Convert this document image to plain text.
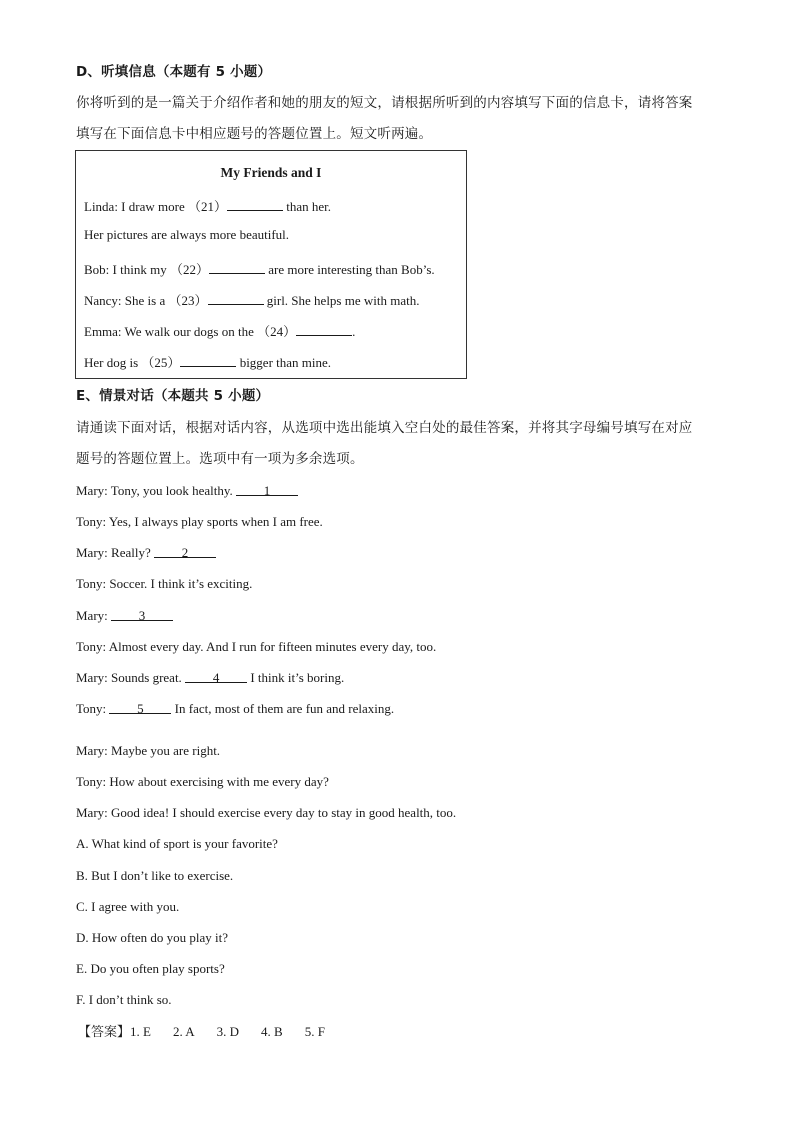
D、听填信息（本题有 5 小题）
你将听到的是一篇关于介绍作者和她的朋友的短文，请根据所听到的内容填写下面的信息卡，请将答案
填写在下面信息卡中相应题号的答题位置上。短文听两遍。
My Friends and I
Linda: I draw more （21）	than her.
Her pictures are always more beautiful.
Bob: I think my （22）	are more interesting than Bob’s.
Nancy: She is a （23）	girl. She helps me with math.
Emma: We walk our dogs on the （24）	.
Her dog is （25）	bigger than mine.
E、情景对话（本题共 5 小题）
请通读下面对话，根据对话内容，从选项中选出能填入空白处的最佳答案，并将其字母编号填写在对应
题号的答题位置上。选项中有一项为多余选项。
Mary: Tony, you look healthy. 1
Tony: Yes, I always play sports when I am free.
Mary: Really? 2
Tony: Soccer. I think it’s exciting.
Mary: 3
Tony: Almost every day. And I run for fifteen minutes every day, too.
Mary: Sounds great. 4 I think it’s boring.
Tony: 5 In fact, most of them are fun and relaxing.
Mary: Maybe you are right.
Tony: How about exercising with me every day?
Mary: Good idea! I should exercise every day to stay in good health, too.
A. What kind of sport is your favorite?
B. But I don’t like to exercise.
C. I agree with you.
D. How often do you play it?
E. Do you often play sports?
F. I don’t think so.
【答案】1. E 2. A 3. D 4. B 5. F
